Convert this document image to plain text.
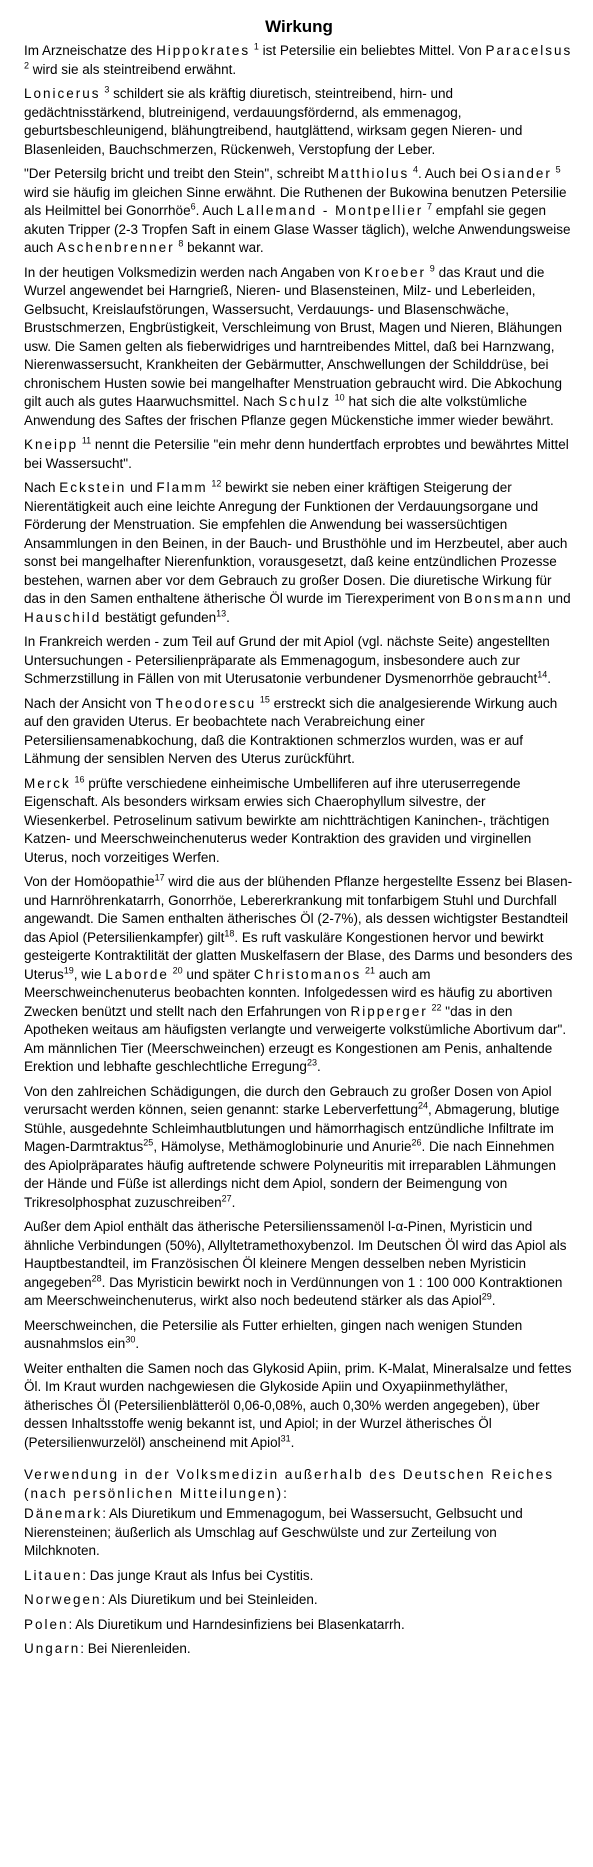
Wirkung

Im Arzneischatze des Hippokrates $^1$ ist Petersilie ein beliebtes Mittel. Von Paracelsus $^2$ wird sie als steintreibend erwähnt.

Lonicerus $^3$ schildert sie als kräftig diuretisch, steintreibend, hirn- und gedächtnisstärkend, blutreinigend, verdauungsfördernd, als emmenagog, geburtsbeschleunigend, blähungtreibend, hautglättend, wirksam gegen Nieren- und Blasenleiden, Bauchschmerzen, Rückenweh, Verstopfung der Leber.

"Der Petersilg bricht und treibt den Stein", schreibt Matthiolus $^4$. Auch bei Osiander $^5$ wird sie häufig im gleichen Sinne erwähnt. Die Ruthenen der Bukowina benutzen Petersilie als Heilmittel bei Gonorrhöe$^6$. Auch Lallemand - Montpellier $^7$ empfahl sie gegen akuten Tripper (2-3 Tropfen Saft in einem Glase Wasser täglich), welche Anwendungsweise auch Aschenbrenner $^8$ bekannt war.

In der heutigen Volksmedizin werden nach Angaben von Kroeber $^9$ das Kraut und die Wurzel angewendet bei Harngrieß, Nieren- und Blasensteinen, Milz- und Leberleiden, Gelbsucht, Kreislaufstörungen, Wassersucht, Verdauungs- und Blasenschwäche, Brustschmerzen, Engbrüstigkeit, Verschleimung von Brust, Magen und Nieren, Blähungen usw. Die Samen gelten als fieberwidriges und harntreibendes Mittel, daß bei Harnzwang, Nierenwassersucht, Krankheiten der Gebärmutter, Anschwellungen der Schilddrüse, bei chronischem Husten sowie bei mangelhafter Menstruation gebraucht wird. Die Abkochung gilt auch als gutes Haarwuchsmittel. Nach Schulz $^{10}$ hat sich die alte volkstümliche Anwendung des Saftes der frischen Pflanze gegen Mückenstiche immer wieder bewährt.

Kneipp $^{11}$ nennt die Petersilie "ein mehr denn hundertfach erprobtes und bewährtes Mittel bei Wassersucht".

Nach Eckstein und Flamm $^{12}$ bewirkt sie neben einer kräftigen Steigerung der Nierentätigkeit auch eine leichte Anregung der Funktionen der Verdauungsorgane und Förderung der Menstruation. Sie empfehlen die Anwendung bei wassersüchtigen Ansammlungen in den Beinen, in der Bauch- und Brusthöhle und im Herzbeutel, aber auch sonst bei mangelhafter Nierenfunktion, vorausgesetzt, daß keine entzündlichen Prozesse bestehen, warnen aber vor dem Gebrauch zu großer Dosen. Die diuretische Wirkung für das in den Samen enthaltene ätherische Öl wurde im Tierexperiment von Bonsmann und Hauschild bestätigt gefunden$^{13}$.

In Frankreich werden - zum Teil auf Grund der mit Apiol (vgl. nächste Seite) angestellten Untersuchungen - Petersilienpräparate als Emmenagogum, insbesondere auch zur Schmerzstillung in Fällen von mit Uterusatonie verbundener Dysmenorrhöe gebraucht$^{14}$.

Nach der Ansicht von Theodorescu $^{15}$ erstreckt sich die analgesierende Wirkung auch auf den graviden Uterus. Er beobachtete nach Verabreichung einer Petersiliensamenabkochung, daß die Kontraktionen schmerzlos wurden, was er auf Lähmung der sensiblen Nerven des Uterus zurückführt.

Merck $^{16}$ prüfte verschiedene einheimische Umbelliferen auf ihre uteruserregende Eigenschaft. Als besonders wirksam erwies sich Chaerophyllum silvestre, der Wiesenkerbel. Petroselinum sativum bewirkte am nichtträchtigen Kaninchen-, trächtigen Katzen- und Meerschweinchenuterus weder Kontraktion des graviden und virginellen Uterus, noch vorzeitiges Werfen.

Von der Homöopathie$^{17}$ wird die aus der blühenden Pflanze hergestellte Essenz bei Blasen- und Harnröhrenkatarrh, Gonorrhöe, Lebererkrankung mit tonfarbigem Stuhl und Durchfall angewandt. Die Samen enthalten ätherisches Öl (2-7%), als dessen wichtigster Bestandteil das Apiol (Petersilienkampfer) gilt$^{18}$. Es ruft vaskuläre Kongestionen hervor und bewirkt gesteigerte Kontraktilität der glatten Muskelfasern der Blase, des Darms und besonders des Uterus$^{19}$, wie Laborde $^{20}$ und später Christomanos $^{21}$ auch am Meerschweinchenuterus beobachten konnten. Infolgedessen wird es häufig zu abortiven Zwecken benützt und stellt nach den Erfahrungen von Ripperger $^{22}$ "das in den Apotheken weitaus am häufigsten verlangte und verweigerte volkstümliche Abortivum dar". Am männlichen Tier (Meerschweinchen) erzeugt es Kongestionen am Penis, anhaltende Erektion und lebhafte geschlechtliche Erregung$^{23}$.

Von den zahlreichen Schädigungen, die durch den Gebrauch zu großer Dosen von Apiol verursacht werden können, seien genannt: starke Leberverfettung$^{24}$, Abmagerung, blutige Stühle, ausgedehnte Schleimhautblutungen und hämorrhagisch entzündliche Infiltrate im Magen-Darmtraktus$^{25}$, Hämolyse, Methämoglobinurie und Anurie$^{26}$. Die nach Einnehmen des Apiolpräparates häufig auftretende schwere Polyneuritis mit irreparablen Lähmungen der Hände und Füße ist allerdings nicht dem Apiol, sondern der Beimengung von Trikresolphosphat zuzuschreiben$^{27}$.

Außer dem Apiol enthält das ätherische Petersilienssamenöl l-α-Pinen, Myristicin und ähnliche Verbindungen (50%), Allyltetramethoxybenzol. Im Deutschen Öl wird das Apiol als Hauptbestandteil, im Französischen Öl kleinere Mengen desselben neben Myristicin angegeben$^{28}$. Das Myristicin bewirkt noch in Verdünnungen von 1 : 100 000 Kontraktionen am Meerschweinchenuterus, wirkt also noch bedeutend stärker als das Apiol$^{29}$.

Meerschweinchen, die Petersilie als Futter erhielten, gingen nach wenigen Stunden ausnahmslos ein$^{30}$.

Weiter enthalten die Samen noch das Glykosid Apiin, prim. K-Malat, Mineralsalze und fettes Öl. Im Kraut wurden nachgewiesen die Glykoside Apiin und Oxyapiinmethyläther, ätherisches Öl (Petersilienblätteröl 0,06-0,08%, auch 0,30% werden angegeben), über dessen Inhaltsstoffe wenig bekannt ist, und Apiol; in der Wurzel ätherisches Öl (Petersilienwurzelöl) anscheinend mit Apiol$^{31}$.

Verwendung in der Volksmedizin außerhalb des Deutschen Reiches (nach persönlichen Mitteilungen):

Dänemark: Als Diuretikum und Emmenagogum, bei Wassersucht, Gelbsucht und Nierensteinen; äußerlich als Umschlag auf Geschwülste und zur Zerteilung von Milchknoten.

Litauen: Das junge Kraut als Infus bei Cystitis.

Norwegen: Als Diuretikum und bei Steinleiden.

Polen: Als Diuretikum und Harndesinfiziens bei Blasenkatarrh.

Ungarn: Bei Nierenleiden.
